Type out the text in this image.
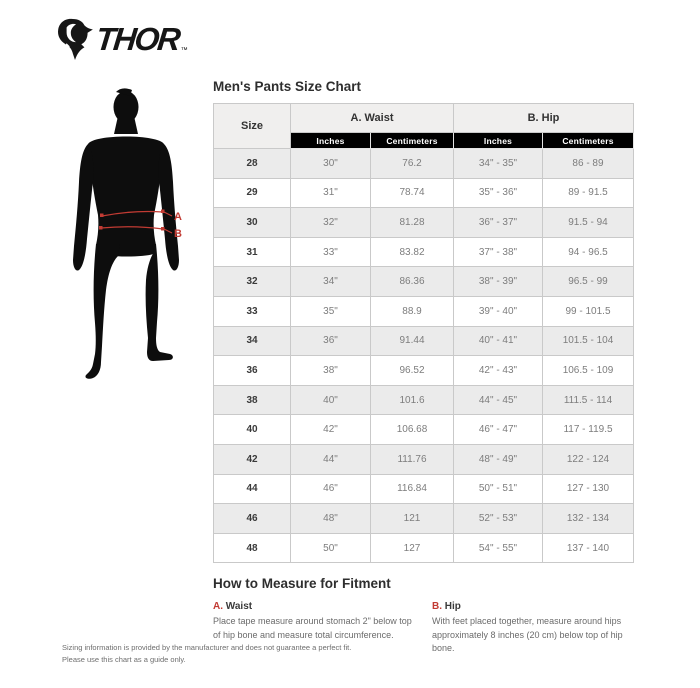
THOR ™
A
B
Men's Pants Size Chart
Size	A. Waist		B. Hip	
	Inches	Centimeters	Inches	Centimeters
28	30"	76.2	34" - 35"	86 - 89
29	31"	78.74	35" - 36"	89 - 91.5
30	32"	81.28	36" - 37"	91.5 - 94
31	33"	83.82	37" - 38"	94 - 96.5
32	34"	86.36	38" - 39"	96.5 - 99
33	35"	88.9	39" - 40"	99 - 101.5
34	36"	91.44	40" - 41"	101.5 - 104
36	38"	96.52	42" - 43"	106.5 - 109
38	40"	101.6	44" - 45"	111.5 - 114
40	42"	106.68	46" - 47"	117 - 119.5
42	44"	111.76	48" - 49"	122 - 124
44	46"	116.84	50" - 51"	127 - 130
46	48"	121	52" - 53"	132 - 134
48	50"	127	54" - 55"	137 - 140
How to Measure for Fitment
A. Waist
Place tape measure around stomach 2" below top of hip bone and measure total circumference.
B. Hip
With feet placed together, measure around hips approximately 8 inches (20 cm) below top of hip bone.
Sizing information is provided by the manufacturer and does not guarantee a perfect fit.
Please use this chart as a guide only.
